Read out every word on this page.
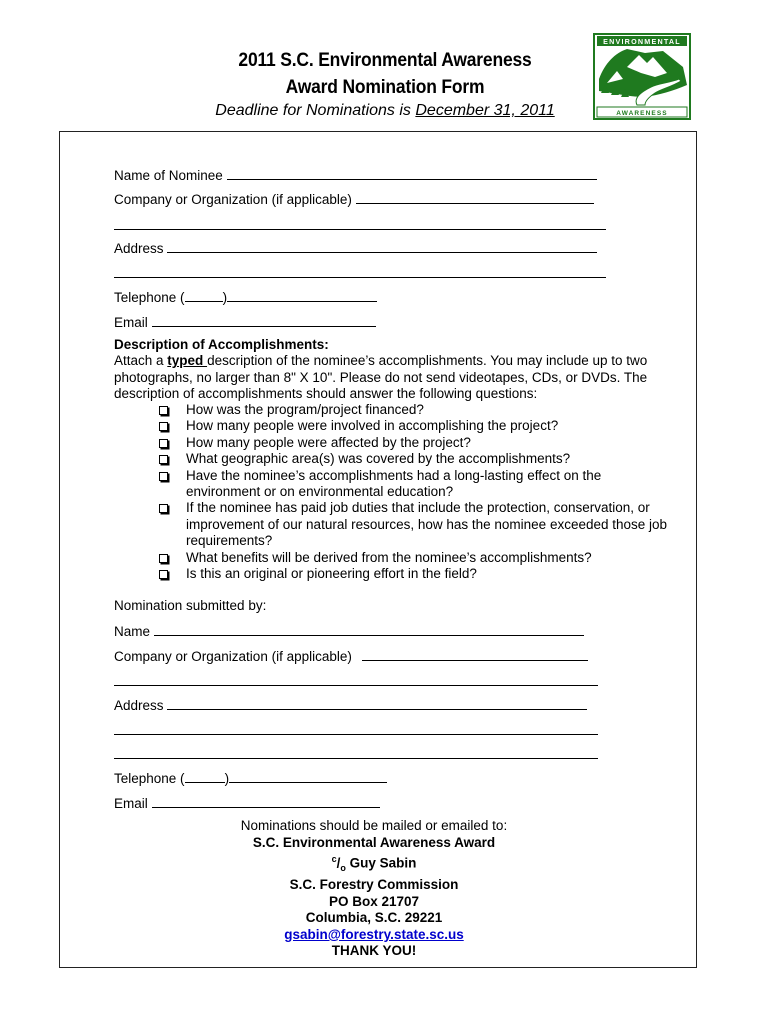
2011 S.C. Environmental Awareness
Award Nomination Form
Deadline for Nominations is December 31, 2011
ENVIRONMENTAL
AWARENESS
Name of Nominee
Company or Organization (if applicable)
Address
Telephone (	)
Email
Description of Accomplishments:
Attach a typed description of the nominee’s accomplishments. You may include up to two photographs, no larger than 8" X 10". Please do not send videotapes, CDs, or DVDs. The description of accomplishments should answer the following questions:
How was the program/project financed?
How many people were involved in accomplishing the project?
How many people were affected by the project?
What geographic area(s) was covered by the accomplishments?
Have the nominee’s accomplishments had a long-lasting effect on the environment or on environmental education?
If the nominee has paid job duties that include the protection, conservation, or improvement of our natural resources, how has the nominee exceeded those job requirements?
What benefits will be derived from the nominee’s accomplishments?
Is this an original or pioneering effort in the field?
Nomination submitted by:
Name
Company or Organization (if applicable)
Address
Telephone (	)
Email
Nominations should be mailed or emailed to:
S.C. Environmental Awareness Award
$^c/_o$ Guy Sabin
S.C. Forestry Commission
PO Box 21707
Columbia, S.C. 29221
gsabin@forestry.state.sc.us
THANK YOU!
